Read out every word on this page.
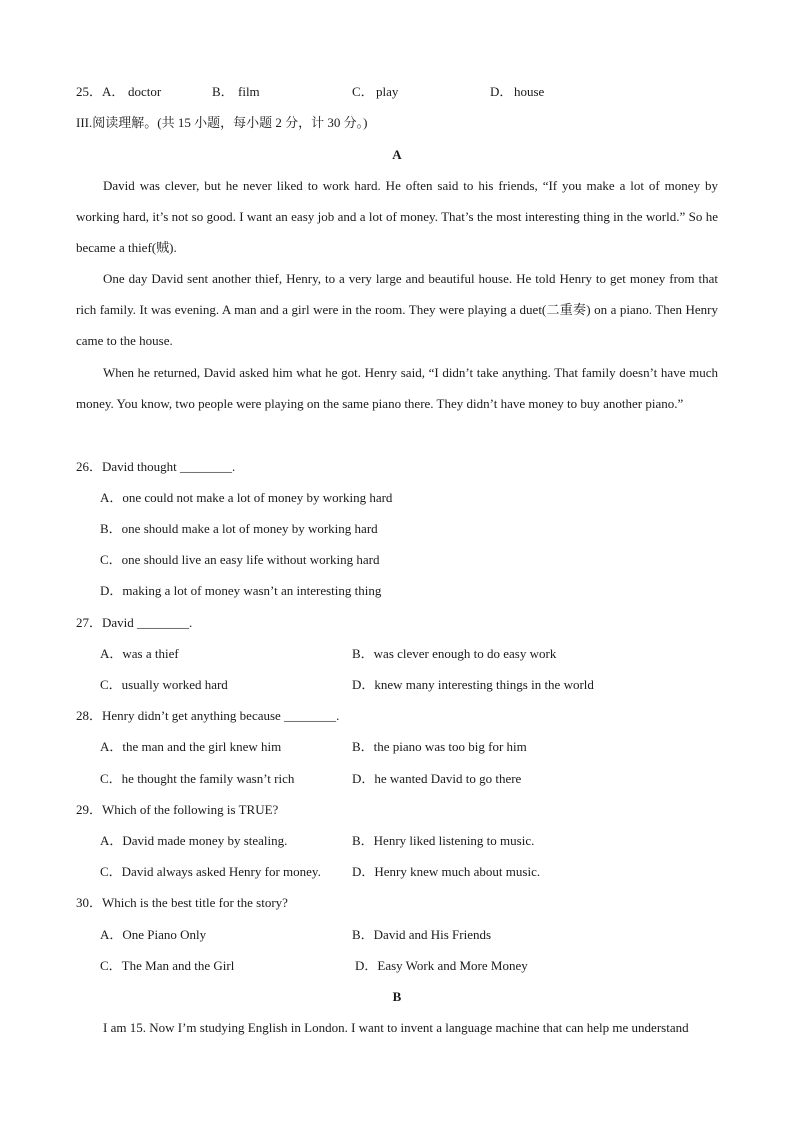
25． A． doctor	B． film	C． play	D． house
III.阅读理解。(共 15 小题，每小题 2 分，计 30 分。)
A
David was clever, but he never liked to work hard. He often said to his friends, “If you make a lot of money by working hard, it’s not so good. I want an easy job and a lot of money. That’s the most interesting thing in the world.” So he became a thief(贼).
One day David sent another thief, Henry, to a very large and beautiful house. He told Henry to get money from that rich family. It was evening. A man and a girl were in the room. They were playing a duet(二重奏) on a piano. Then Henry came to the house.
When he returned, David asked him what he got. Henry said, “I didn’t take anything. That family doesn’t have much money. You know, two people were playing on the same piano there. They didn’t have money to buy another piano.”
26．David thought ________.
A．one could not make a lot of money by working hard
B．one should make a lot of money by working hard
C．one should live an easy life without working hard
D．making a lot of money wasn’t an interesting thing
27．David ________.
A．was a thief	B．was clever enough to do easy work
C．usually worked hard	D．knew many interesting things in the world
28．Henry didn’t get anything because ________.
A．the man and the girl knew him	B．the piano was too big for him
C．he thought the family wasn’t rich	D．he wanted David to go there
29．Which of the following is TRUE?
A．David made money by stealing.	B．Henry liked listening to music.
C．David always asked Henry for money. D．Henry knew much about music.
30．Which is the best title for the story?
A．One Piano Only	B．David and His Friends
C．The Man and the Girl	D．Easy Work and More Money
B
I am 15. Now I’m studying English in London. I want to invent a language machine that can help me understand
